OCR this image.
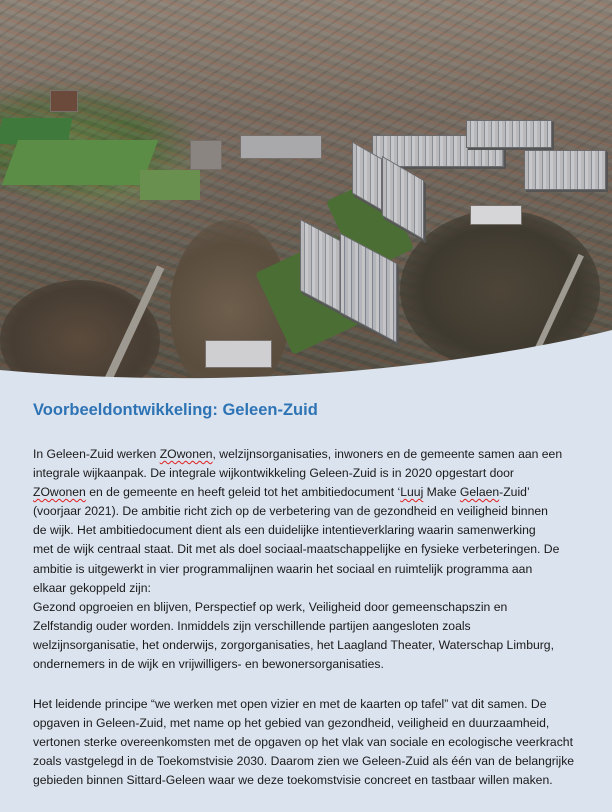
Voorbeeldontwikkeling: Geleen-Zuid
In Geleen-Zuid werken ZOwonen, welzijnsorganisaties, inwoners en de gemeente samen aan een
integrale wijkaanpak. De integrale wijkontwikkeling Geleen-Zuid is in 2020 opgestart door
ZOwonen en de gemeente en heeft geleid tot het ambitiedocument ‘Luuj Make Gelaen-Zuid’
(voorjaar 2021). De ambitie richt zich op de verbetering van de gezondheid en veiligheid binnen
de wijk. Het ambitiedocument dient als een duidelijke intentieverklaring waarin samenwerking
met de wijk centraal staat. Dit met als doel sociaal-maatschappelijke en fysieke verbeteringen. De
ambitie is uitgewerkt in vier programmalijnen waarin het sociaal en ruimtelijk programma aan
elkaar gekoppeld zijn:
Gezond opgroeien en blijven, Perspectief op werk, Veiligheid door gemeenschapszin en
Zelfstandig ouder worden. Inmiddels zijn verschillende partijen aangesloten zoals
welzijnsorganisatie, het onderwijs, zorgorganisaties, het Laagland Theater, Waterschap Limburg,
ondernemers in de wijk en vrijwilligers- en bewonersorganisaties.
Het leidende principe “we werken met open vizier en met de kaarten op tafel” vat dit samen. De
opgaven in Geleen-Zuid, met name op het gebied van gezondheid, veiligheid en duurzaamheid,
vertonen sterke overeenkomsten met de opgaven op het vlak van sociale en ecologische veerkracht
zoals vastgelegd in de Toekomstvisie 2030. Daarom zien we Geleen-Zuid als één van de belangrijke
gebieden binnen Sittard-Geleen waar we deze toekomstvisie concreet en tastbaar willen maken.
